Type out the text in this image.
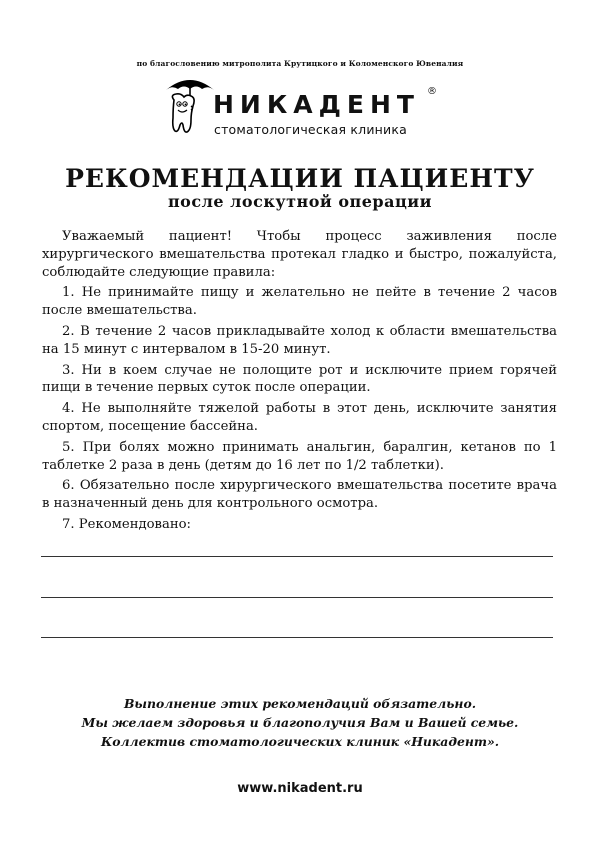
по благословению митрополита Крутицкого и Коломенского Ювеналия
НИКАДЕНТ ®
стоматологическая клиника
РЕКОМЕНДАЦИИ ПАЦИЕНТУ
после лоскутной операции

Уважаемый пациент! Чтобы процесс заживления после хирургического вмешательства протекал гладко и быстро, пожалуйста, соблюдайте следующие правила:

1. Не принимайте пищу и желательно не пейте в течение 2 часов после вмешательства.

2. В течение 2 часов прикладывайте холод к области вмешательства на 15 минут с интервалом в 15-20 минут.

3. Ни в коем случае не полощите рот и исключите прием горячей пищи в течение первых суток после операции.

4. Не выполняйте тяжелой работы в этот день, исключите занятия спортом, посещение бассейна.

5. При болях можно принимать анальгин, баралгин, кетанов по 1 таблетке 2 раза в день (детям до 16 лет по 1/2 таблетки).

6. Обязательно после хирургического вмешательства посетите врача в назначенный день для контрольного осмотра.

7. Рекомендовано:

Выполнение этих рекомендаций обязательно.
Мы желаем здоровья и благополучия Вам и Вашей семье.
Коллектив стоматологических клиник «Никадент».
www.nikadent.ru
